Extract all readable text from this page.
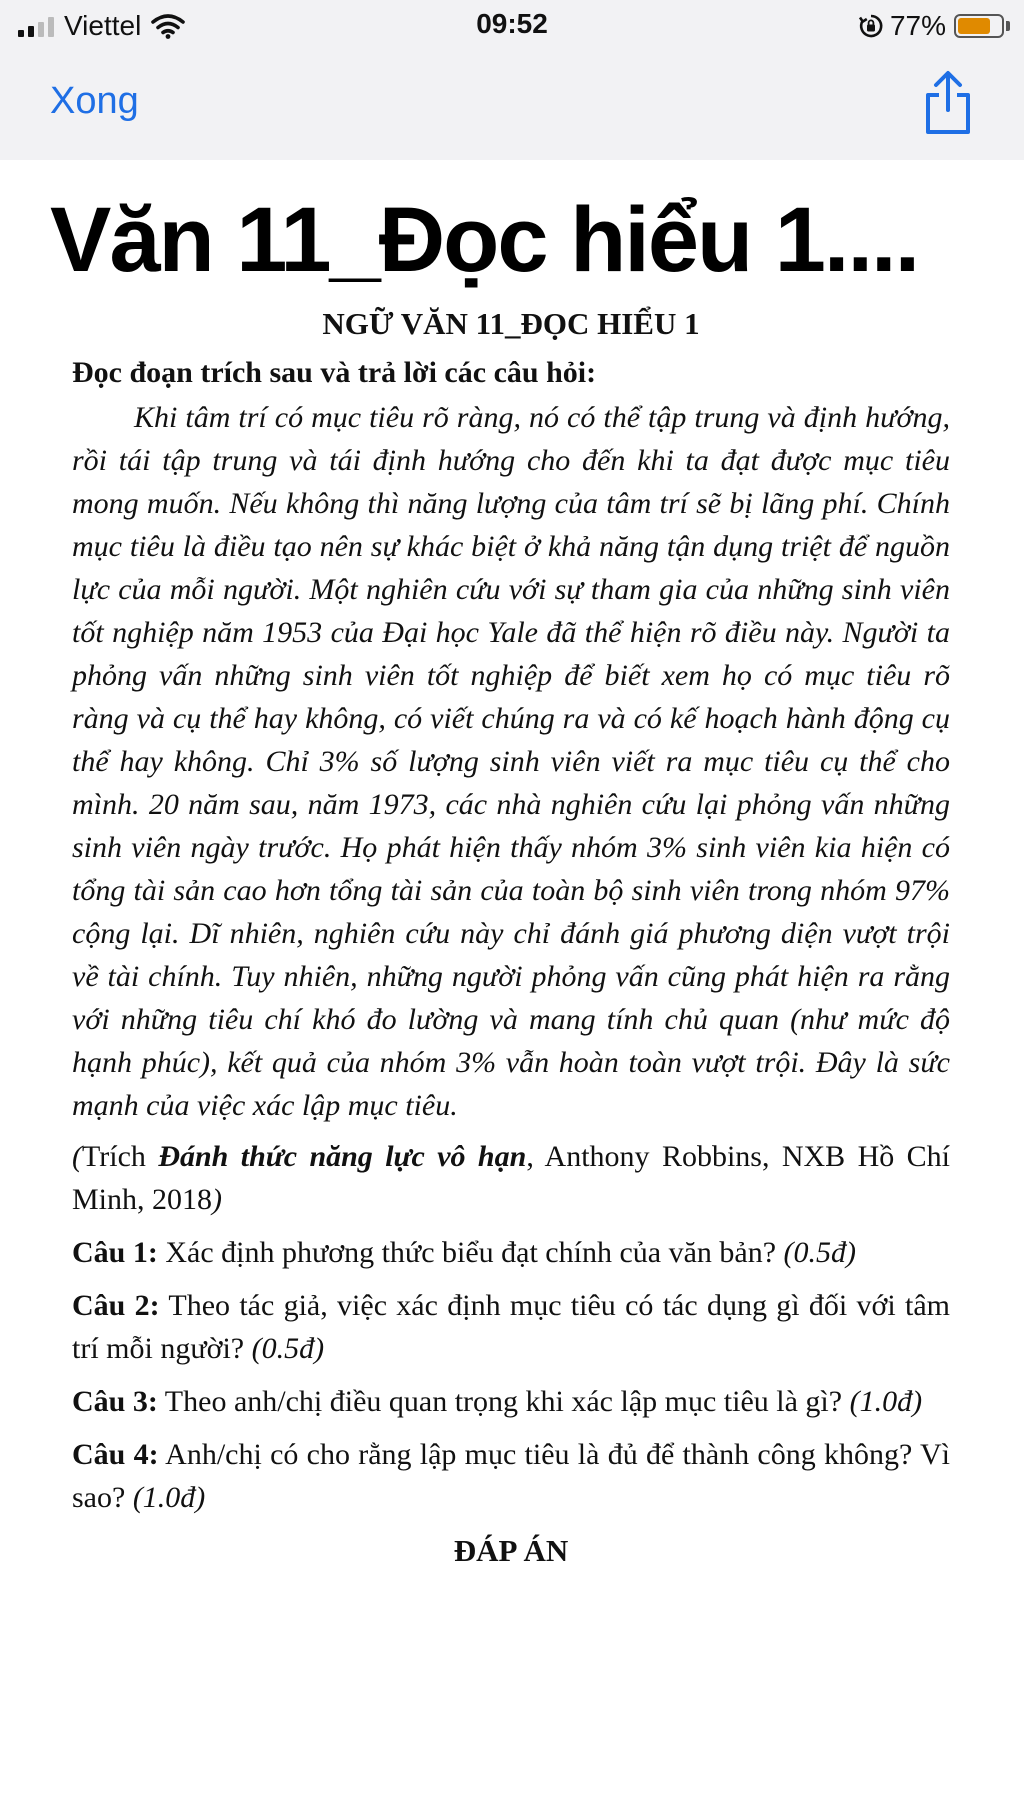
Viettel	09:52	77%
Xong
Văn 11_Đọc hiểu 1....

NGỮ VĂN 11_ĐỌC HIỂU 1

Đọc đoạn trích sau và trả lời các câu hỏi:

Khi tâm trí có mục tiêu rõ ràng, nó có thể tập trung và định hướng, rồi tái tập trung và tái định hướng cho đến khi ta đạt được mục tiêu mong muốn. Nếu không thì năng lượng của tâm trí sẽ bị lãng phí. Chính mục tiêu là điều tạo nên sự khác biệt ở khả năng tận dụng triệt để nguồn lực của mỗi người. Một nghiên cứu với sự tham gia của những sinh viên tốt nghiệp năm 1953 của Đại học Yale đã thể hiện rõ điều này. Người ta phỏng vấn những sinh viên tốt nghiệp để biết xem họ có mục tiêu rõ ràng và cụ thể hay không, có viết chúng ra và có kế hoạch hành động cụ thể hay không. Chỉ 3% số lượng sinh viên viết ra mục tiêu cụ thể cho mình. 20 năm sau, năm 1973, các nhà nghiên cứu lại phỏng vấn những sinh viên ngày trước. Họ phát hiện thấy nhóm 3% sinh viên kia hiện có tổng tài sản cao hơn tổng tài sản của toàn bộ sinh viên trong nhóm 97% cộng lại. Dĩ nhiên, nghiên cứu này chỉ đánh giá phương diện vượt trội về tài chính. Tuy nhiên, những người phỏng vấn cũng phát hiện ra rằng với những tiêu chí khó đo lường và mang tính chủ quan (như mức độ hạnh phúc), kết quả của nhóm 3% vẫn hoàn toàn vượt trội. Đây là sức mạnh của việc xác lập mục tiêu.

(Trích Đánh thức năng lực vô hạn, Anthony Robbins, NXB Hồ Chí Minh, 2018)

Câu 1: Xác định phương thức biểu đạt chính của văn bản? (0.5đ)

Câu 2: Theo tác giả, việc xác định mục tiêu có tác dụng gì đối với tâm trí mỗi người? (0.5đ)

Câu 3: Theo anh/chị điều quan trọng khi xác lập mục tiêu là gì? (1.0đ)

Câu 4: Anh/chị có cho rằng lập mục tiêu là đủ để thành công không? Vì sao? (1.0đ)

ĐÁP ÁN
